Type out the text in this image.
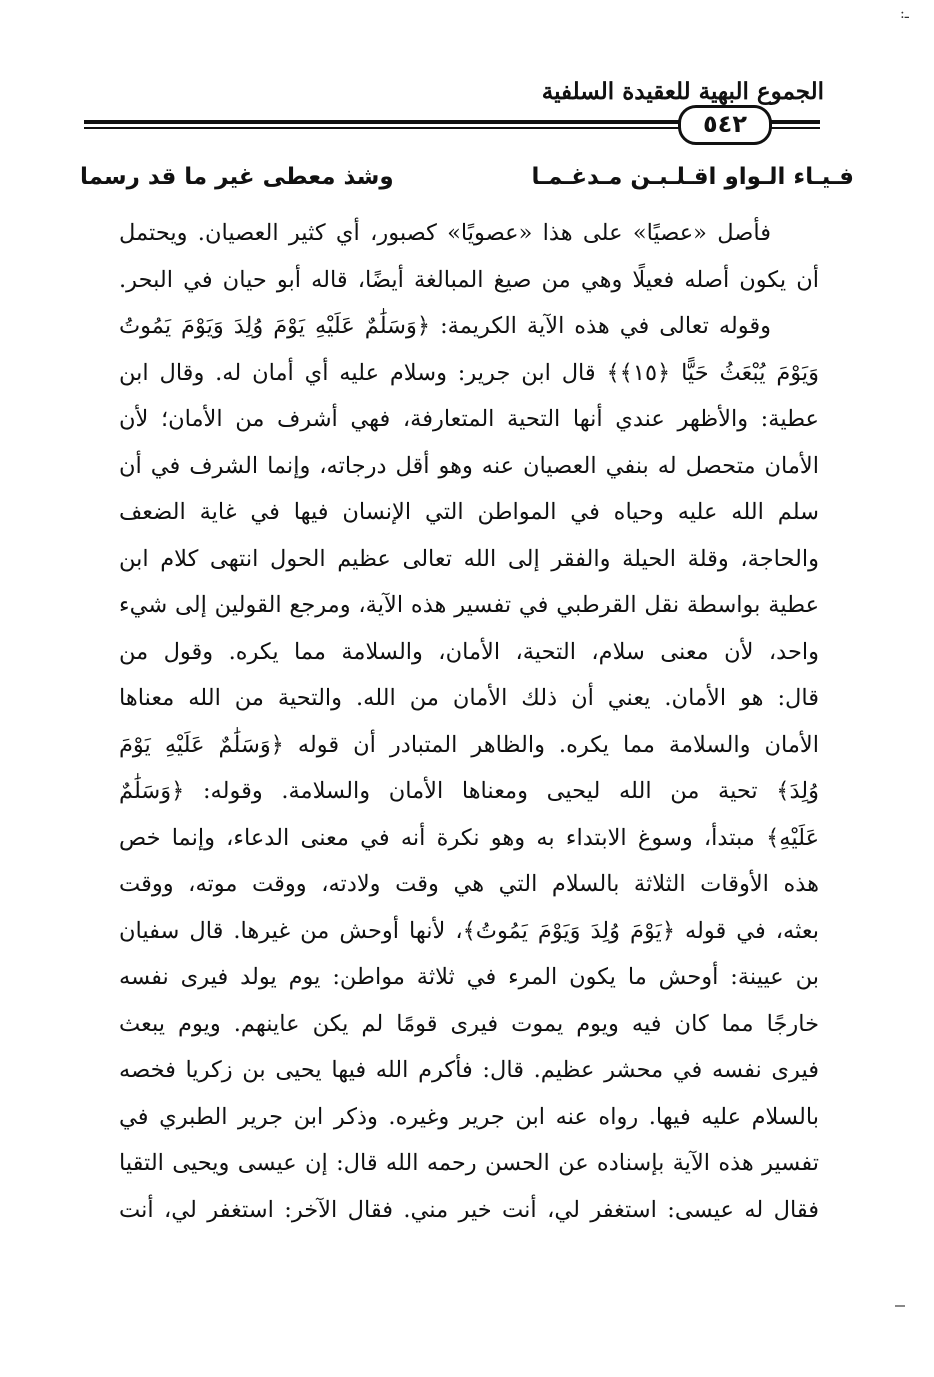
ـ:
الجموع البهية للعقيدة السلفية
٥٤٢
فـيـاء الـواو اقـلـبـن مـدغـمـا
وشذ معطى غير ما قد رسما
فأصل «عصيًا» على هذا «عصويًا» كصبور، أي كثير العصيان. ويحتمل
أن يكون أصله فعيلًا وهي من صيغ المبالغة أيضًا، قاله أبو حيان في البحر.
وقوله تعالى في هذه الآية الكريمة: ﴿وَسَلَٰمٌ عَلَيْهِ يَوْمَ وُلِدَ وَيَوْمَ يَمُوتُ
وَيَوْمَ يُبْعَثُ حَيًّا ﴿١٥﴾﴾ قال ابن جرير: وسلام عليه أي أمان له. وقال ابن
عطية: والأظهر عندي أنها التحية المتعارفة، فهي أشرف من الأمان؛ لأن
الأمان متحصل له بنفي العصيان عنه وهو أقل درجاته، وإنما الشرف في أن
سلم الله عليه وحياه في المواطن التي الإنسان فيها في غاية الضعف
والحاجة، وقلة الحيلة والفقر إلى الله تعالى عظيم الحول انتهى كلام ابن
عطية بواسطة نقل القرطبي في تفسير هذه الآية، ومرجع القولين إلى شيء
واحد، لأن معنى سلام، التحية، الأمان، والسلامة مما يكره. وقول من
قال: هو الأمان. يعني أن ذلك الأمان من الله. والتحية من الله معناها
الأمان والسلامة مما يكره. والظاهر المتبادر أن قوله ﴿وَسَلَٰمٌ عَلَيْهِ يَوْمَ
وُلِدَ﴾ تحية من الله ليحيى ومعناها الأمان والسلامة. وقوله: ﴿وَسَلَٰمٌ
عَلَيْهِ﴾ مبتدأ، وسوغ الابتداء به وهو نكرة أنه في معنى الدعاء، وإنما خص
هذه الأوقات الثلاثة بالسلام التي هي وقت ولادته، ووقت موته، ووقت
بعثه، في قوله ﴿يَوْمَ وُلِدَ وَيَوْمَ يَمُوتُ﴾، لأنها أوحش من غيرها. قال سفيان
بن عيينة: أوحش ما يكون المرء في ثلاثة مواطن: يوم يولد فيرى نفسه
خارجًا مما كان فيه ويوم يموت فيرى قومًا لم يكن عاينهم. ويوم يبعث
فيرى نفسه في محشر عظيم. قال: فأكرم الله فيها يحيى بن زكريا فخصه
بالسلام عليه فيها. رواه عنه ابن جرير وغيره. وذكر ابن جرير الطبري في
تفسير هذه الآية بإسناده عن الحسن رحمه الله قال: إن عيسى ويحيى التقيا
فقال له عيسى: استغفر لي، أنت خير مني. فقال الآخر: استغفر لي، أنت
